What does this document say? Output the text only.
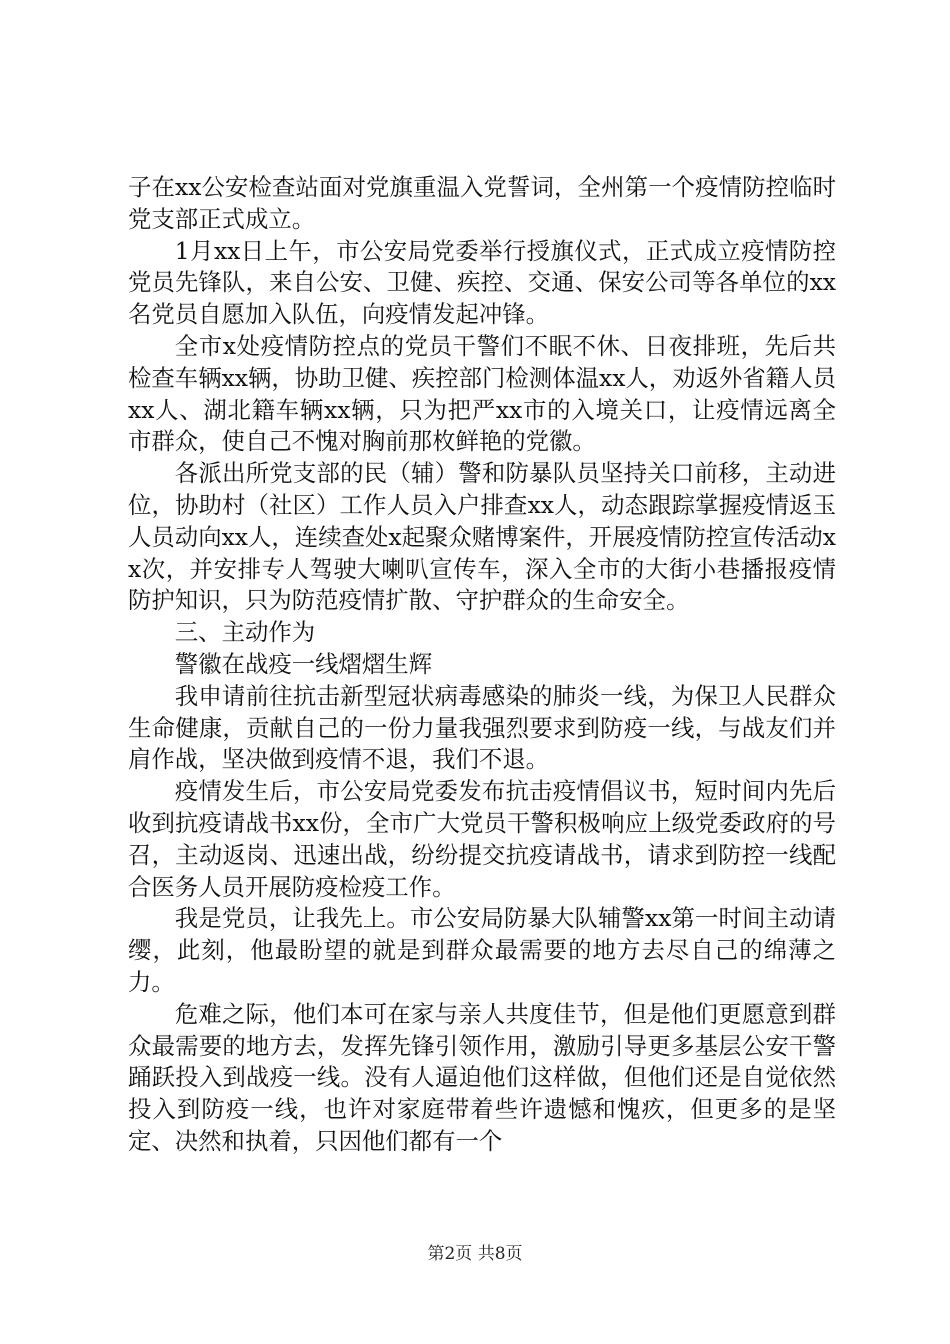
子在xx公安检查站面对党旗重温入党誓词，全州第一个疫情防控临时党支部正式成立。

1月xx日上午，市公安局党委举行授旗仪式，正式成立疫情防控党员先锋队，来自公安、卫健、疾控、交通、保安公司等各单位的xx名党员自愿加入队伍，向疫情发起冲锋。

全市x处疫情防控点的党员干警们不眠不休、日夜排班，先后共检查车辆xx辆，协助卫健、疾控部门检测体温xx人，劝返外省籍人员xx人、湖北籍车辆xx辆，只为把严xx市的入境关口，让疫情远离全市群众，使自己不愧对胸前那枚鲜艳的党徽。

各派出所党支部的民（辅）警和防暴队员坚持关口前移，主动进位，协助村（社区）工作人员入户排查xx人，动态跟踪掌握疫情返玉人员动向xx人，连续查处x起聚众赌博案件，开展疫情防控宣传活动xx次，并安排专人驾驶大喇叭宣传车，深入全市的大街小巷播报疫情防护知识，只为防范疫情扩散、守护群众的生命安全。

三、主动作为

警徽在战疫一线熠熠生辉

我申请前往抗击新型冠状病毒感染的肺炎一线，为保卫人民群众生命健康，贡献自己的一份力量我强烈要求到防疫一线，与战友们并肩作战，坚决做到疫情不退，我们不退。

疫情发生后，市公安局党委发布抗击疫情倡议书，短时间内先后收到抗疫请战书xx份，全市广大党员干警积极响应上级党委政府的号召，主动返岗、迅速出战，纷纷提交抗疫请战书，请求到防控一线配合医务人员开展防疫检疫工作。

我是党员，让我先上。市公安局防暴大队辅警xx第一时间主动请缨，此刻，他最盼望的就是到群众最需要的地方去尽自己的绵薄之力。

危难之际，他们本可在家与亲人共度佳节，但是他们更愿意到群众最需要的地方去，发挥先锋引领作用，激励引导更多基层公安干警踊跃投入到战疫一线。没有人逼迫他们这样做，但他们还是自觉依然投入到防疫一线，也许对家庭带着些许遗憾和愧疚，但更多的是坚定、决然和执着，只因他们都有一个

第2页 共8页
